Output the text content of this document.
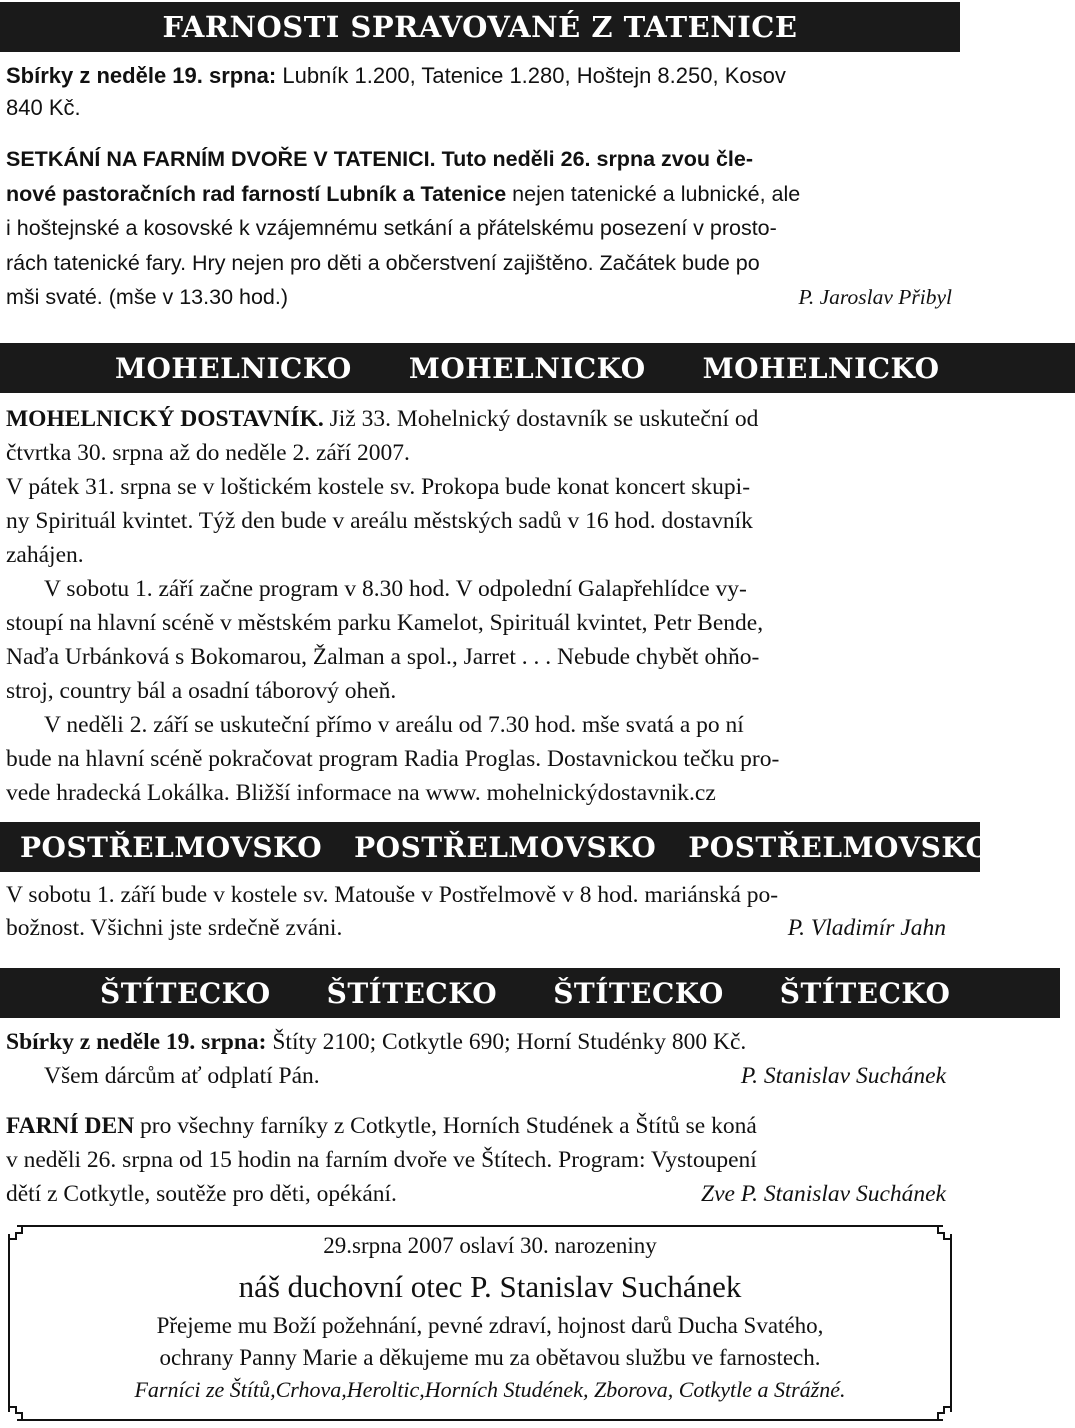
FARNOSTI SPRAVOVANÉ Z TATENICE
Sbírky z neděle 19. srpna: Lubník 1.200, Tatenice 1.280, Hoštejn 8.250, Kosov
840 Kč.
SETKÁNÍ NA FARNÍM DVOŘE V TATENICI. Tuto neděli 26. srpna zvou čle-
nové pastoračních rad farností Lubník a Tatenice nejen tatenické a lubnické, ale
i hoštejnské a kosovské k vzájemnému setkání a přátelskému posezení v prosto-
rách tatenické fary. Hry nejen pro děti a občerstvení zajištěno. Začátek bude po
mši svaté. (mše v 13.30 hod.)	P. Jaroslav Přibyl
MOHELNICKO MOHELNICKO MOHELNICKO
MOHELNICKÝ DOSTAVNÍK. Již 33. Mohelnický dostavník se uskuteční od
čtvrtka 30. srpna až do neděle 2. září 2007.
V pátek 31. srpna se v loštickém kostele sv. Prokopa bude konat koncert skupi-
ny Spirituál kvintet. Týž den bude v areálu městských sadů v 16 hod. dostavník
zahájen.
V sobotu 1. září začne program v 8.30 hod. V odpolední Galapřehlídce vy-
stoupí na hlavní scéně v městském parku Kamelot, Spirituál kvintet, Petr Bende,
Naďa Urbánková s Bokomarou, Žalman a spol., Jarret . . . Nebude chybět ohňo-
stroj, country bál a osadní táborový oheň.
V neděli 2. září se uskuteční přímo v areálu od 7.30 hod. mše svatá a po ní
bude na hlavní scéně pokračovat program Radia Proglas. Dostavnickou tečku pro-
vede hradecká Lokálka. Bližší informace na www. mohelnickýdostavnik.cz
POSTŘELMOVSKO POSTŘELMOVSKO POSTŘELMOVSKO
V sobotu 1. září bude v kostele sv. Matouše v Postřelmově v 8 hod. mariánská po-
božnost. Všichni jste srdečně zváni.	P. Vladimír Jahn
ŠTÍTECKO ŠTÍTECKO ŠTÍTECKO ŠTÍTECKO
Sbírky z neděle 19. srpna: Štíty 2100; Cotkytle 690; Horní Studénky 800 Kč.
Všem dárcům ať odplatí Pán.	P. Stanislav Suchánek
FARNÍ DEN pro všechny farníky z Cotkytle, Horních Studének a Štítů se koná
v neděli 26. srpna od 15 hodin na farním dvoře ve Štítech. Program: Vystoupení
dětí z Cotkytle, soutěže pro děti, opékání.	Zve P. Stanislav Suchánek
29.srpna 2007 oslaví 30. narozeniny
náš duchovní otec P. Stanislav Suchánek
Přejeme mu Boží požehnání, pevné zdraví, hojnost darů Ducha Svatého,
ochrany Panny Marie a děkujeme mu za obětavou službu ve farnostech.
Farníci ze Štítů,Crhova,Heroltic,Horních Studének, Zborova, Cotkytle a Strážné.
